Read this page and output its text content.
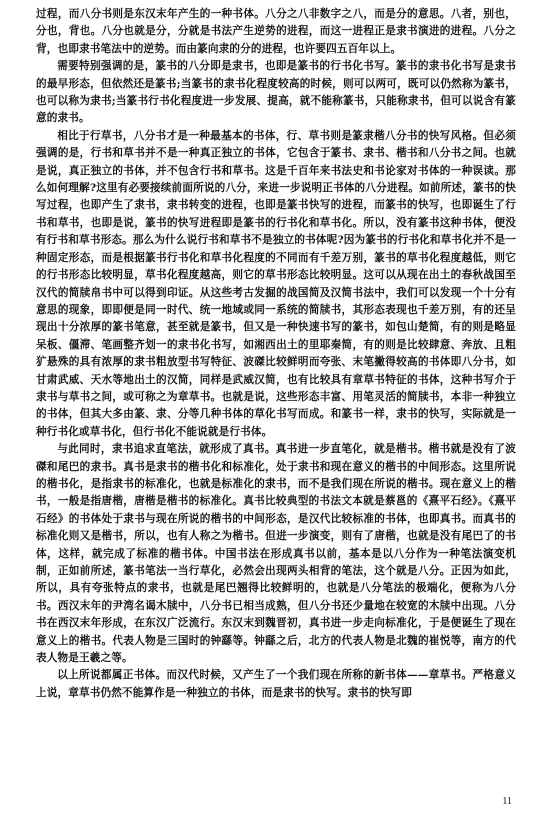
过程，而八分书则是东汉末年产生的一种书体。八分之八非数字之八，而是分的意思。八者，别也，分也，背也。八分也就是分，分就是书法产生逆势的进程，而这一进程正是隶书演进的进程。八分之背，也即隶书笔法中的逆势。而由篆向隶的分的进程，也许要四五百年以上。

需要特别强调的是，篆书的八分即是隶书，也即是篆书的行书化书写。篆书的隶书化书写是隶书的最早形态，但依然还是篆书;当篆书的隶书化程度较高的时候，则可以两可，既可以仍然称为篆书，也可以称为隶书;当篆书行书化程度进一步发展、提高，就不能称篆书，只能称隶书，但可以说含有篆意的隶书。

相比于行草书，八分书才是一种最基本的书体，行、草书则是篆隶楷八分书的快写风格。但必须强调的是，行书和草书并不是一种真正独立的书体，它包含于篆书、隶书、楷书和八分书之间。也就是说，真正独立的书体，并不包含行书和草书。这是千百年来书法史和书论家对书体的一种误读。那么如何理解?这里有必要接续前面所说的八分，来进一步说明正书体的八分进程。如前所述，篆书的快写过程，也即产生了隶书，隶书转变的进程，也即是篆书快写的进程，而篆书的快写，也即诞生了行书和草书，也即是说，篆书的快写进程即是篆书的行书化和草书化。所以，没有篆书这种书体，便没有行书和草书形态。那么为什么说行书和草书不是独立的书体呢?因为篆书的行书化和草书化并不是一种固定形态，而是根据篆书行书化和草书化程度的不同而有千差万别，篆书的草书化程度越低，则它的行书形态比较明显，草书化程度越高，则它的草书形态比较明显。这可以从现在出土的春秋战国至汉代的简牍帛书中可以得到印证。从这些考古发掘的战国简及汉简书法中，我们可以发现一个十分有意思的现象，即即便是同一时代、统一地域或同一系统的简牍书，其形态表现也千差万别，有的还呈现出十分浓厚的篆书笔意，甚至就是篆书，但又是一种快速书写的篆书，如包山楚简，有的则是略显呆板、僵滞、笔画整齐划一的隶书化书写，如湘西出土的里耶秦简，有的则是比较肆意、奔放、且粗犷悬殊的具有浓厚的隶书粗放型书写特征、波磔比较鲜明而夸张、末笔撇得较高的书体即八分书，如甘肃武威、天水等地出土的汉简，同样是武威汉简，也有比较具有章草书特征的书体，这种书写介于隶书与草书之间，或可称之为章草书。也就是说，这些形态丰富、用笔灵活的简牍书，本非一种独立的书体，但其大多由篆、隶、分等几种书体的草化书写而成。和篆书一样，隶书的快写，实际就是一种行书化或草书化，但行书化不能说就是行书体。

与此同时，隶书追求直笔法，就形成了真书。真书进一步直笔化，就是楷书。楷书就是没有了波磔和尾巴的隶书。真书是隶书的楷书化和标准化，处于隶书和现在意义的楷书的中间形态。这里所说的楷书化，是指隶书的标准化，也就是标准化的隶书，而不是我们现在所说的楷书。现在意义上的楷书，一般是指唐楷，唐楷是楷书的标准化。真书比较典型的书法文本就是蔡邕的《熹平石经》。《熹平石经》的书体处于隶书与现在所说的楷书的中间形态，是汉代比较标准的书体，也即真书。而真书的标准化则又是楷书，所以，也有人称之为楷书。但进一步演变，则有了唐楷，也就是没有尾巴了的书体，这样，就完成了标准的楷书体。中国书法在形成真书以前，基本是以八分作为一种笔法演变机制，正如前所述，篆书笔法一当行草化，必然会出现两头相背的笔法，这个就是八分。正因为如此，所以，具有夸张特点的隶书，也就是尾巴翘得比较鲜明的，也就是八分笔法的极端化，便称为八分书。西汉末年的尹湾名谒木牍中，八分书已相当成熟，但八分书还少量地在较宽的木牍中出现。八分书在西汉末年形成，在东汉广泛流行。东汉末到魏晋初，真书进一步走向标准化，于是便诞生了现在意义上的楷书。代表人物是三国时的钟繇等。钟繇之后，北方的代表人物是北魏的崔悦等，南方的代表人物是王羲之等。

以上所说都属正书体。而汉代时候，又产生了一个我们现在所称的新书体——章草书。严格意义上说，章草书仍然不能算作是一种独立的书体，而是隶书的快写。隶书的快写即

11
